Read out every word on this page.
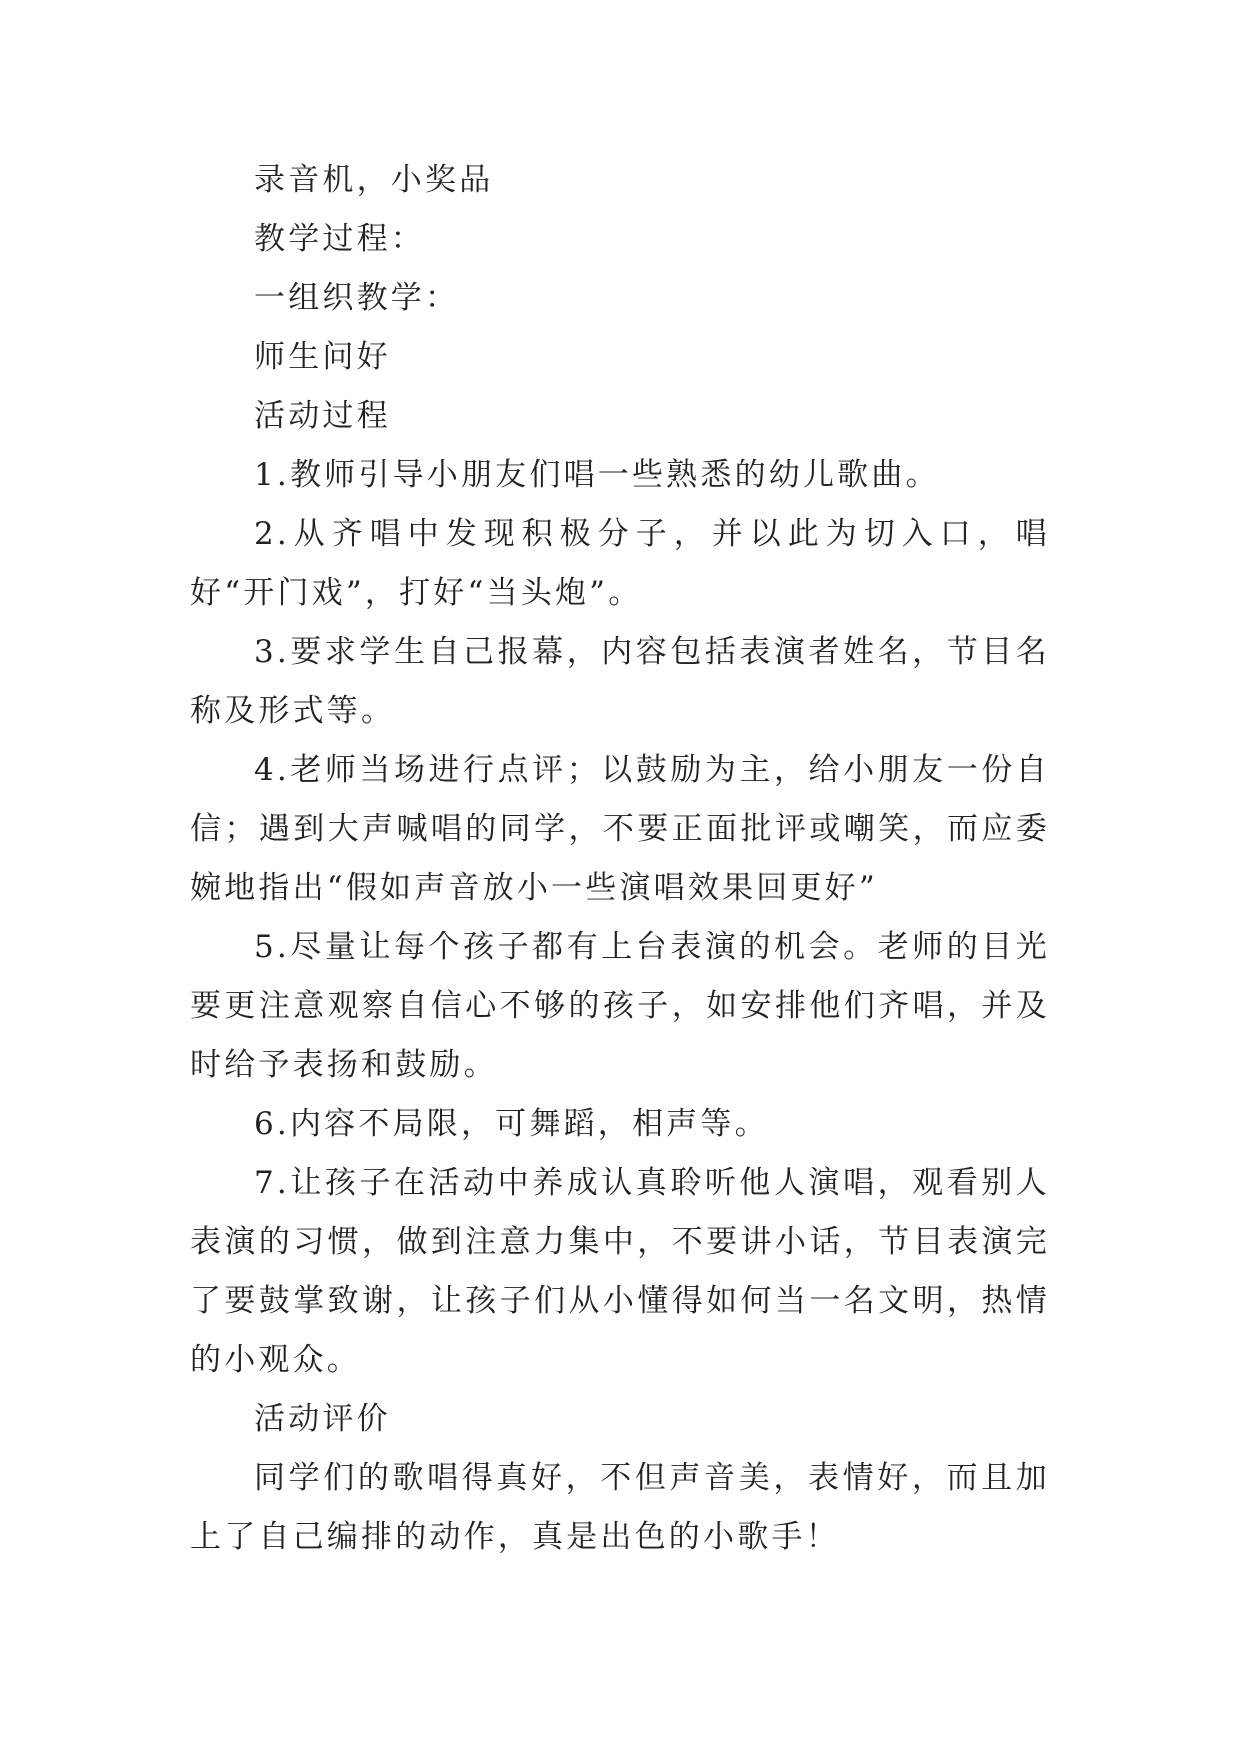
录音机，小奖品

教学过程：

一组织教学：

师生问好

活动过程

1.教师引导小朋友们唱一些熟悉的幼儿歌曲。

2.从齐唱中发现积极分子，并以此为切入口，唱好“开门戏”，打好“当头炮”。

3.要求学生自己报幕，内容包括表演者姓名，节目名称及形式等。

4.老师当场进行点评；以鼓励为主，给小朋友一份自信；遇到大声喊唱的同学，不要正面批评或嘲笑，而应委婉地指出“假如声音放小一些演唱效果回更好”

5.尽量让每个孩子都有上台表演的机会。老师的目光要更注意观察自信心不够的孩子，如安排他们齐唱，并及时给予表扬和鼓励。

6.内容不局限，可舞蹈，相声等。

7.让孩子在活动中养成认真聆听他人演唱，观看别人表演的习惯，做到注意力集中，不要讲小话，节目表演完了要鼓掌致谢，让孩子们从小懂得如何当一名文明，热情的小观众。

活动评价

同学们的歌唱得真好，不但声音美，表情好，而且加上了自己编排的动作，真是出色的小歌手！
